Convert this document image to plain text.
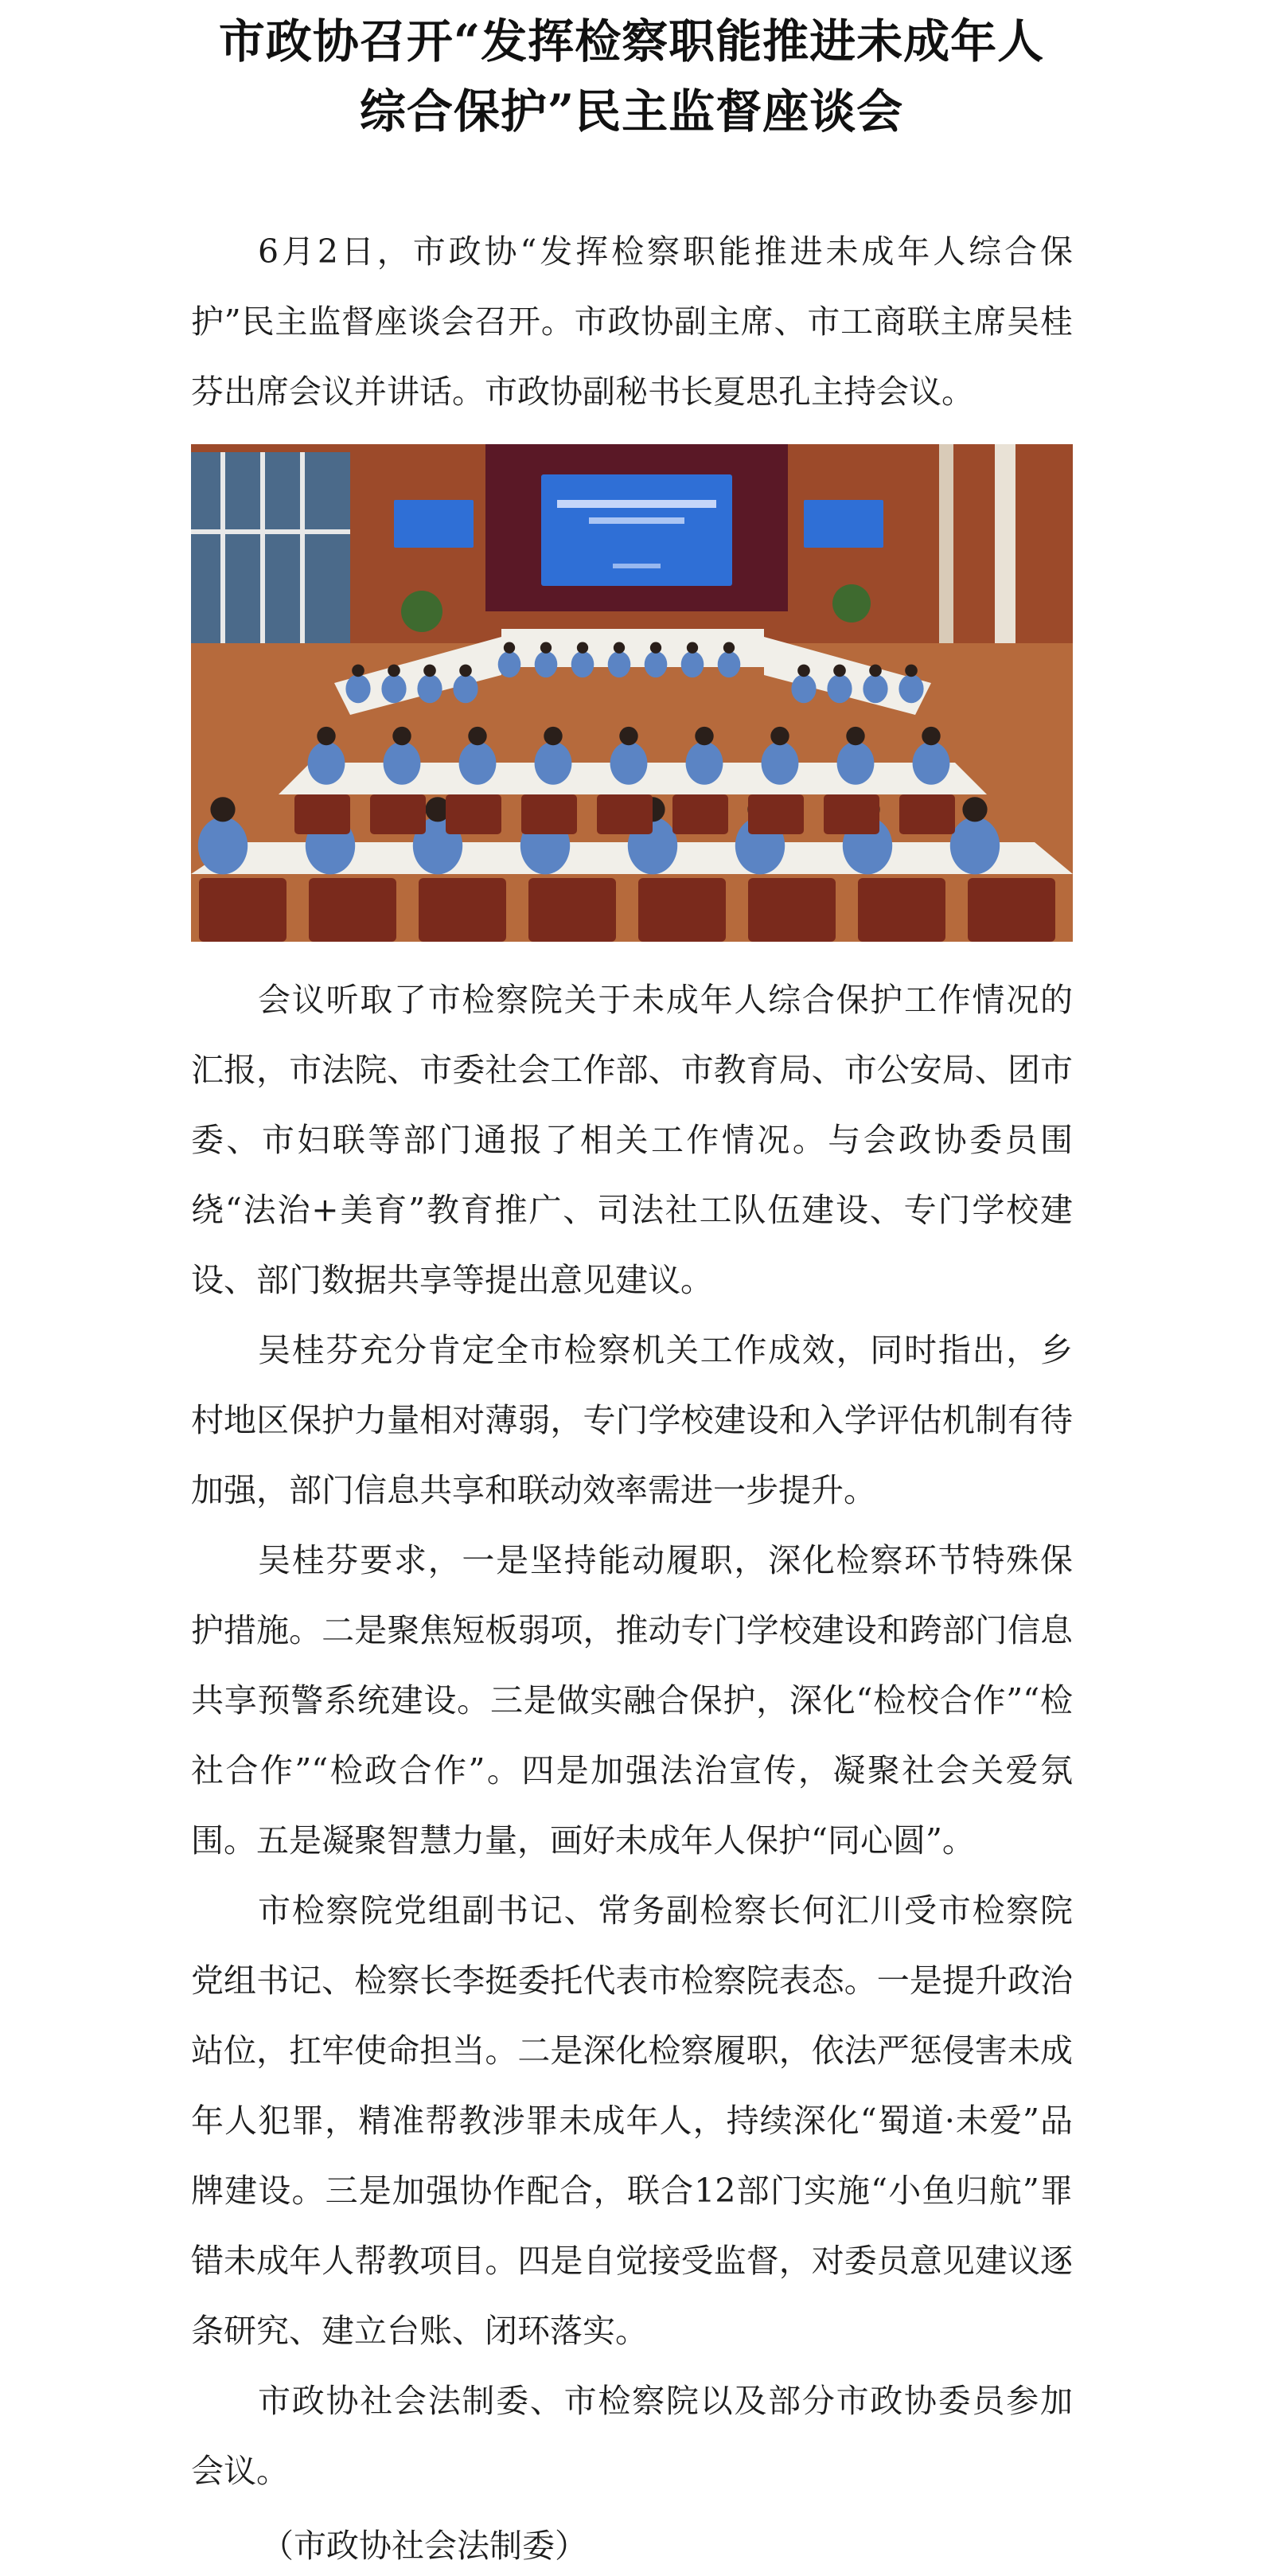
市政协召开“发挥检察职能推进未成年人
综合保护”民主监督座谈会

6月2日，市政协“发挥检察职能推进未成年人综合保护”民主监督座谈会召开。市政协副主席、市工商联主席吴桂芬出席会议并讲话。市政协副秘书长夏思孔主持会议。

会议听取了市检察院关于未成年人综合保护工作情况的汇报，市法院、市委社会工作部、市教育局、市公安局、团市委、市妇联等部门通报了相关工作情况。与会政协委员围绕“法治+美育”教育推广、司法社工队伍建设、专门学校建设、部门数据共享等提出意见建议。

吴桂芬充分肯定全市检察机关工作成效，同时指出，乡村地区保护力量相对薄弱，专门学校建设和入学评估机制有待加强，部门信息共享和联动效率需进一步提升。

吴桂芬要求，一是坚持能动履职，深化检察环节特殊保护措施。二是聚焦短板弱项，推动专门学校建设和跨部门信息共享预警系统建设。三是做实融合保护，深化“检校合作”“检社合作”“检政合作”。四是加强法治宣传，凝聚社会关爱氛围。五是凝聚智慧力量，画好未成年人保护“同心圆”。

市检察院党组副书记、常务副检察长何汇川受市检察院党组书记、检察长李挺委托代表市检察院表态。一是提升政治站位，扛牢使命担当。二是深化检察履职，依法严惩侵害未成年人犯罪，精准帮教涉罪未成年人，持续深化“蜀道·未爱”品牌建设。三是加强协作配合，联合12部门实施“小鱼归航”罪错未成年人帮教项目。四是自觉接受监督，对委员意见建议逐条研究、建立台账、闭环落实。

市政协社会法制委、市检察院以及部分市政协委员参加会议。

（市政协社会法制委）
